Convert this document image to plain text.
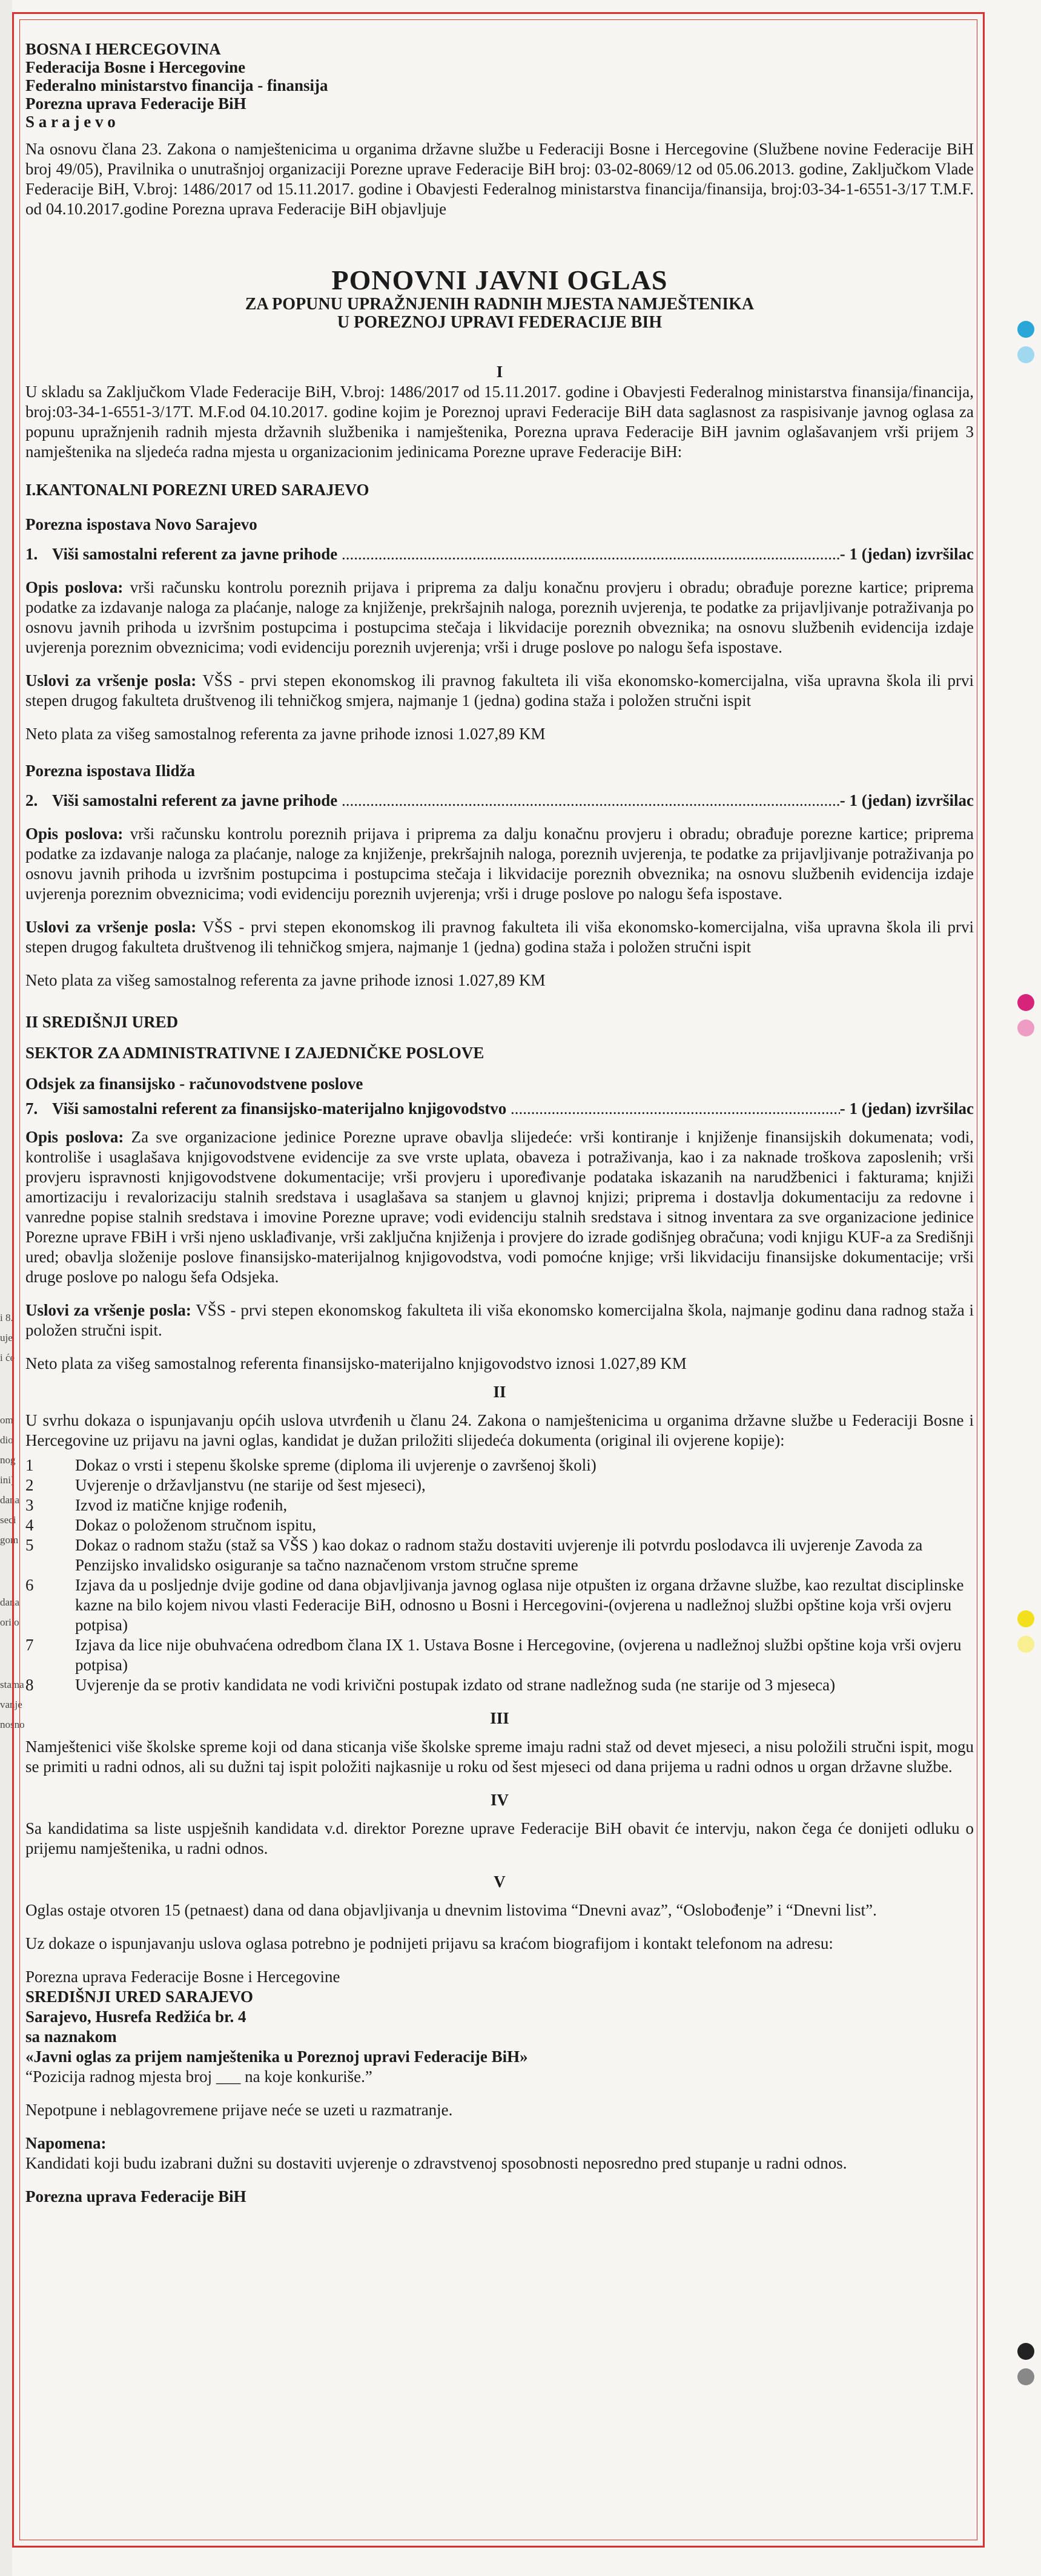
i 8.
uje
i će
om
dio
nog
ini)
dana
seci
gom
dana
ori o
stama
vanje
nosno
BOSNA I HERCEGOVINA
Federacija Bosne i Hercegovine
Federalno ministarstvo financija - finansija
Porezna uprava Federacije BiH
S a r a j e v o

Na osnovu člana 23. Zakona o namještenicima u organima državne službe u Federaciji Bosne i Hercegovine (Službene novine Federacije BiH broj 49/05), Pravilnika o unutrašnjoj organizaciji Porezne uprave Federacije BiH broj: 03-02-8069/12 od 05.06.2013. godine, Zaključkom Vlade Federacije BiH, V.broj: 1486/2017 od 15.11.2017. godine i Obavjesti Federalnog ministarstva financija/finansija, broj:03-34-1-6551-3/17 T.M.F. od 04.10.2017.godine Porezna uprava Federacije BiH objavljuje

PONOVNI JAVNI OGLAS
ZA POPUNU UPRAŽNJENIH RADNIH MJESTA NAMJEŠTENIKA
U POREZNOJ UPRAVI FEDERACIJE BIH
I

U skladu sa Zaključkom Vlade Federacije BiH, V.broj: 1486/2017 od 15.11.2017. godine i Obavjesti Federalnog ministarstva finansija/financija, broj:03-34-1-6551-3/17T. M.F.od 04.10.2017. godine kojim je Poreznoj upravi Federacije BiH data saglasnost za raspisivanje javnog oglasa za popunu upražnjenih radnih mjesta državnih službenika i namještenika, Porezna uprava Federacije BiH javnim oglašavanjem vrši prijem 3 namještenika na sljedeća radna mjesta u organizacionim jedinicama Porezne uprave Federacije BiH:

I.KANTONALNI POREZNI URED SARAJEVO
Porezna ispostava Novo Sarajevo
1. Viši samostalni referent za javne prihode .....	- 1 (jedan) izvršilac

Opis poslova: vrši računsku kontrolu poreznih prijava i priprema za dalju konačnu provjeru i obradu; obrađuje porezne kartice; priprema podatke za izdavanje naloga za plaćanje, naloge za knjiženje, prekršajnih naloga, poreznih uvjerenja, te podatke za prijavljivanje potraživanja po osnovu javnih prihoda u izvršnim postupcima i postupcima stečaja i likvidacije poreznih obveznika; na osnovu službenih evidencija izdaje uvjerenja poreznim obveznicima; vodi evidenciju poreznih uvjerenja; vrši i druge poslove po nalogu šefa ispostave.

Uslovi za vršenje posla: VŠS - prvi stepen ekonomskog ili pravnog fakulteta ili viša ekonomsko-komercijalna, viša upravna škola ili prvi stepen drugog fakulteta društvenog ili tehničkog smjera, najmanje 1 (jedna) godina staža i položen stručni ispit

Neto plata za višeg samostalnog referenta za javne prihode iznosi 1.027,89 KM

Porezna ispostava Ilidža
2. Viši samostalni referent za javne prihode .....	- 1 (jedan) izvršilac

Opis poslova: vrši računsku kontrolu poreznih prijava i priprema za dalju konačnu provjeru i obradu; obrađuje porezne kartice; priprema podatke za izdavanje naloga za plaćanje, naloge za knjiženje, prekršajnih naloga, poreznih uvjerenja, te podatke za prijavljivanje potraživanja po osnovu javnih prihoda u izvršnim postupcima i postupcima stečaja i likvidacije poreznih obveznika; na osnovu službenih evidencija izdaje uvjerenja poreznim obveznicima; vodi evidenciju poreznih uvjerenja; vrši i druge poslove po nalogu šefa ispostave.

Uslovi za vršenje posla: VŠS - prvi stepen ekonomskog ili pravnog fakulteta ili viša ekonomsko-komercijalna, viša upravna škola ili prvi stepen drugog fakulteta društvenog ili tehničkog smjera, najmanje 1 (jedna) godina staža i položen stručni ispit

Neto plata za višeg samostalnog referenta za javne prihode iznosi 1.027,89 KM

II SREDIŠNJI URED
SEKTOR ZA ADMINISTRATIVNE I ZAJEDNIČKE POSLOVE
Odsjek za finansijsko - računovodstvene poslove
7. Viši samostalni referent za finansijsko-materijalno knjigovodstvo .....	- 1 (jedan) izvršilac

Opis poslova: Za sve organizacione jedinice Porezne uprave obavlja slijedeće: vrši kontiranje i knjiženje finansijskih dokumenata; vodi, kontroliše i usaglašava knjigovodstvene evidencije za sve vrste uplata, obaveza i potraživanja, kao i za naknade troškova zaposlenih; vrši provjeru ispravnosti knjigovodstvene dokumentacije; vrši provjeru i upoređivanje podataka iskazanih na narudžbenici i fakturama; knjiži amortizaciju i revalorizaciju stalnih sredstava i usaglašava sa stanjem u glavnoj knjizi; priprema i dostavlja dokumentaciju za redovne i vanredne popise stalnih sredstava i imovine Porezne uprave; vodi evidenciju stalnih sredstava i sitnog inventara za sve organizacione jedinice Porezne uprave FBiH i vrši njeno usklađivanje, vrši zaključna knjiženja i provjere do izrade godišnjeg obračuna; vodi knjigu KUF-a za Središnji ured; obavlja složenije poslove finansijsko-materijalnog knjigovodstva, vodi pomoćne knjige; vrši likvidaciju finansijske dokumentacije; vrši druge poslove po nalogu šefa Odsjeka.

Uslovi za vršenje posla: VŠS - prvi stepen ekonomskog fakulteta ili viša ekonomsko komercijalna škola, najmanje godinu dana radnog staža i položen stručni ispit.

Neto plata za višeg samostalnog referenta finansijsko-materijalno knjigovodstvo iznosi 1.027,89 KM

II

U svrhu dokaza o ispunjavanju općih uslova utvrđenih u članu 24. Zakona o namještenicima u organima državne službe u Federaciji Bosne i Hercegovine uz prijavu na javni oglas, kandidat je dužan priložiti slijedeća dokumenta (original ili ovjerene kopije):

1	Dokaz o vrsti i stepenu školske spreme (diploma ili uvjerenje o završenoj školi)
2	Uvjerenje o državljanstvu (ne starije od šest mjeseci),
3	Izvod iz matične knjige rođenih,
4	Dokaz o položenom stručnom ispitu,
5	Dokaz o radnom stažu (staž sa VŠS ) kao dokaz o radnom stažu dostaviti uvjerenje ili potvrdu poslodavca ili uvjerenje Zavoda za Penzijsko invalidsko osiguranje sa tačno naznačenom vrstom stručne spreme
6	Izjava da u posljednje dvije godine od dana objavljivanja javnog oglasa nije otpušten iz organa državne službe, kao rezultat disciplinske kazne na bilo kojem nivou vlasti Federacije BiH, odnosno u Bosni i Hercegovini-(ovjerena u nadležnoj službi opštine koja vrši ovjeru potpisa)
7	Izjava da lice nije obuhvaćena odredbom člana IX 1. Ustava Bosne i Hercegovine, (ovjerena u nadležnoj službi opštine koja vrši ovjeru potpisa)
8	Uvjerenje da se protiv kandidata ne vodi krivični postupak izdato od strane nadležnog suda (ne starije od 3 mjeseca)
III

Namještenici više školske spreme koji od dana sticanja više školske spreme imaju radni staž od devet mjeseci, a nisu položili stručni ispit, mogu se primiti u radni odnos, ali su dužni taj ispit položiti najkasnije u roku od šest mjeseci od dana prijema u radni odnos u organ državne službe.

IV

Sa kandidatima sa liste uspješnih kandidata v.d. direktor Porezne uprave Federacije BiH obavit će intervju, nakon čega će donijeti odluku o prijemu namještenika, u radni odnos.

V

Oglas ostaje otvoren 15 (petnaest) dana od dana objavljivanja u dnevnim listovima “Dnevni avaz”, “Oslobođenje” i “Dnevni list”.

Uz dokaze o ispunjavanju uslova oglasa potrebno je podnijeti prijavu sa kraćom biografijom i kontakt telefonom na adresu:

Porezna uprava Federacije Bosne i Hercegovine
SREDIŠNJI URED SARAJEVO
Sarajevo, Husrefa Redžića br. 4
sa naznakom
«Javni oglas za prijem namještenika u Poreznoj upravi Federacije BiH»
“Pozicija radnog mjesta broj ___ na koje konkuriše.”

Nepotpune i neblagovremene prijave neće se uzeti u razmatranje.

Napomena:

Kandidati koji budu izabrani dužni su dostaviti uvjerenje o zdravstvenoj sposobnosti neposredno pred stupanje u radni odnos.

Porezna uprava Federacije BiH
